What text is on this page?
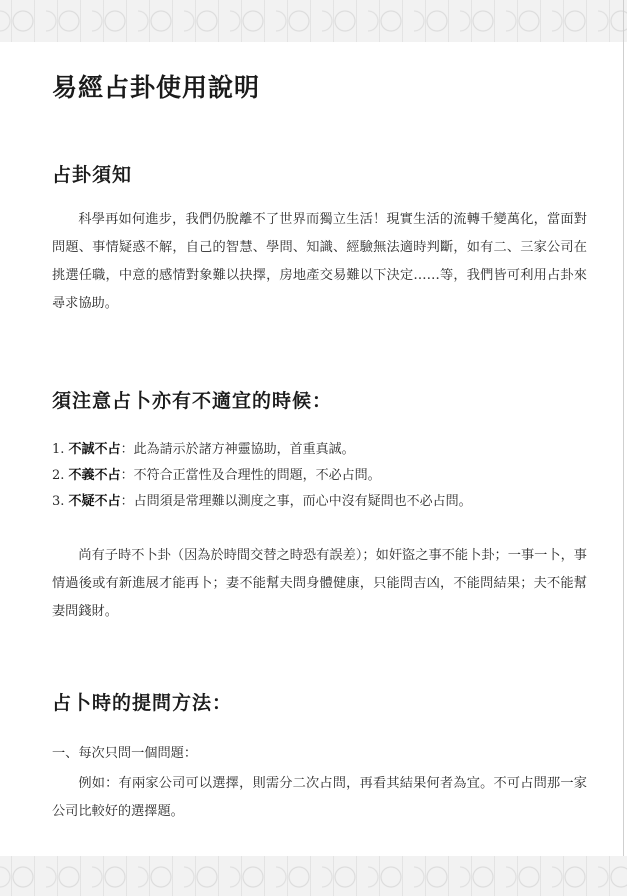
易經占卦使用說明
占卦須知

科學再如何進步，我們仍脫離不了世界而獨立生活！現實生活的流轉千變萬化，當面對問題、事情疑惑不解，自己的智慧、學問、知識、經驗無法適時判斷，如有二、三家公司在挑選任職，中意的感情對象難以抉擇，房地產交易難以下決定……等，我們皆可利用占卦來尋求協助。

須注意占卜亦有不適宜的時候：
1. 不誠不占：此為請示於諸方神靈協助，首重真誠。
2. 不義不占：不符合正當性及合理性的問題，不必占問。
3. 不疑不占：占問須是常理難以測度之事，而心中沒有疑問也不必占問。

尚有子時不卜卦（因為於時間交替之時恐有誤差）；如奸盜之事不能卜卦；一事一卜，事情過後或有新進展才能再卜；妻不能幫夫問身體健康，只能問吉凶，不能問結果；夫不能幫妻問錢財。

占卜時的提問方法：

一、每次只問一個問題：

例如：有兩家公司可以選擇，則需分二次占問，再看其結果何者為宜。不可占問那一家公司比較好的選擇題。
